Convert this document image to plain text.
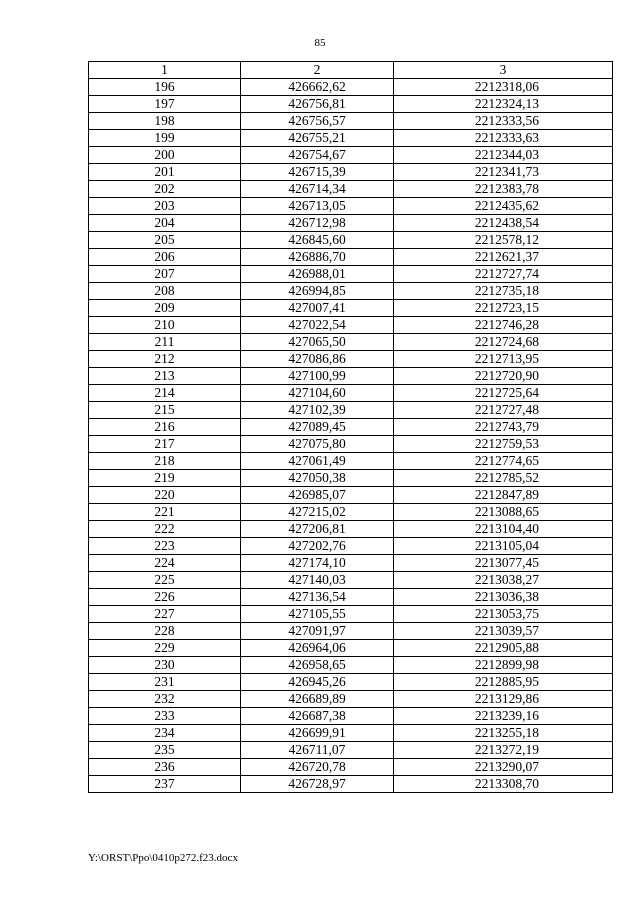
85
1	2	3
196	426662,62	2212318,06
197	426756,81	2212324,13
198	426756,57	2212333,56
199	426755,21	2212333,63
200	426754,67	2212344,03
201	426715,39	2212341,73
202	426714,34	2212383,78
203	426713,05	2212435,62
204	426712,98	2212438,54
205	426845,60	2212578,12
206	426886,70	2212621,37
207	426988,01	2212727,74
208	426994,85	2212735,18
209	427007,41	2212723,15
210	427022,54	2212746,28
211	427065,50	2212724,68
212	427086,86	2212713,95
213	427100,99	2212720,90
214	427104,60	2212725,64
215	427102,39	2212727,48
216	427089,45	2212743,79
217	427075,80	2212759,53
218	427061,49	2212774,65
219	427050,38	2212785,52
220	426985,07	2212847,89
221	427215,02	2213088,65
222	427206,81	2213104,40
223	427202,76	2213105,04
224	427174,10	2213077,45
225	427140,03	2213038,27
226	427136,54	2213036,38
227	427105,55	2213053,75
228	427091,97	2213039,57
229	426964,06	2212905,88
230	426958,65	2212899,98
231	426945,26	2212885,95
232	426689,89	2213129,86
233	426687,38	2213239,16
234	426699,91	2213255,18
235	426711,07	2213272,19
236	426720,78	2213290,07
237	426728,97	2213308,70
Y:\ORST\Ppo\0410p272.f23.docx
